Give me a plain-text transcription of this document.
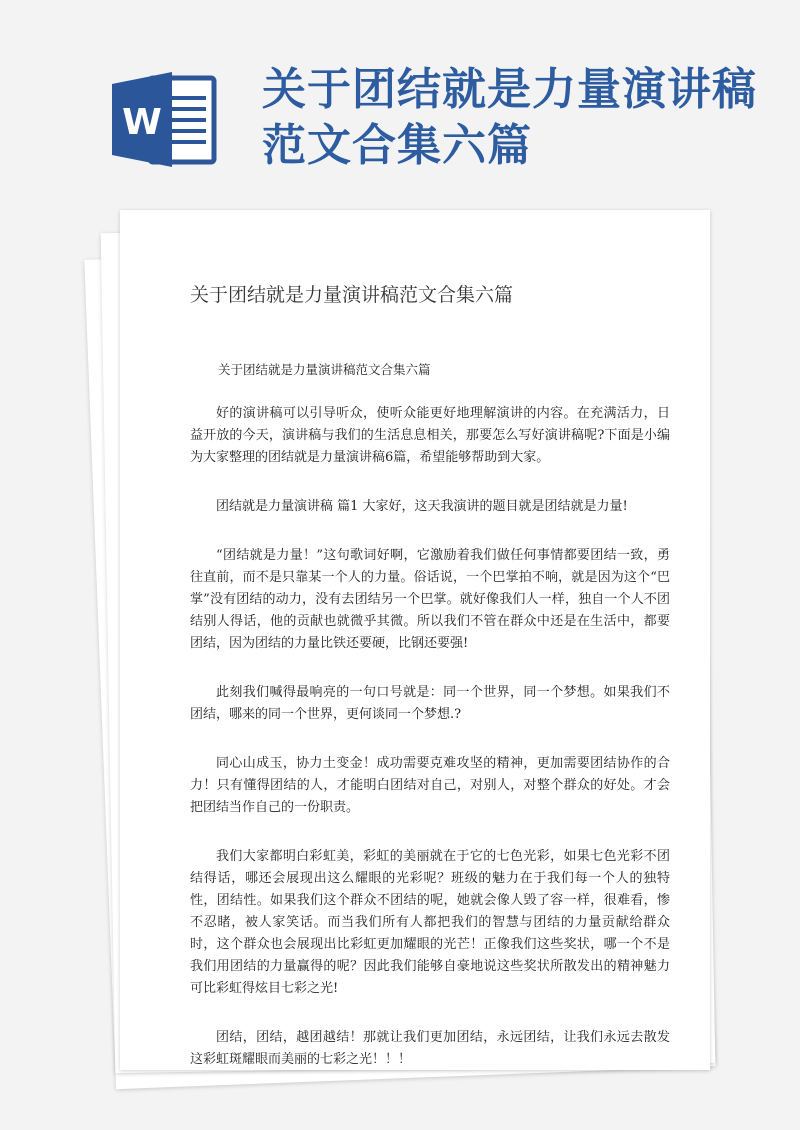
W
关于团结就是力量演讲稿范文合集六篇
关于团结就是力量演讲稿范文合集六篇

关于团结就是力量演讲稿范文合集六篇

好的演讲稿可以引导听众，使听众能更好地理解演讲的内容。在充满活力，日益开放的今天，演讲稿与我们的生活息息相关，那要怎么写好演讲稿呢?下面是小编为大家整理的团结就是力量演讲稿6篇，希望能够帮助到大家。

团结就是力量演讲稿 篇1 大家好，这天我演讲的题目就是团结就是力量!

“团结就是力量！”这句歌词好啊，它激励着我们做任何事情都要团结一致，勇往直前，而不是只靠某一个人的力量。俗话说，一个巴掌拍不响，就是因为这个“巴掌”没有团结的动力，没有去团结另一个巴掌。就好像我们人一样，独自一个人不团结别人得话，他的贡献也就微乎其微。所以我们不管在群众中还是在生活中，都要团结，因为团结的力量比铁还要硬，比钢还要强!

此刻我们喊得最响亮的一句口号就是：同一个世界，同一个梦想。如果我们不团结，哪来的同一个世界，更何谈同一个梦想.?

同心山成玉，协力土变金！成功需要克难攻坚的精神，更加需要团结协作的合力！只有懂得团结的人，才能明白团结对自己，对别人，对整个群众的好处。才会把团结当作自己的一份职责。

我们大家都明白彩虹美，彩虹的美丽就在于它的七色光彩，如果七色光彩不团结得话，哪还会展现出这么耀眼的光彩呢？班级的魅力在于我们每一个人的独特性，团结性。如果我们这个群众不团结的呢，她就会像人毁了容一样，很难看，惨不忍睹，被人家笑话。而当我们所有人都把我们的智慧与团结的力量贡献给群众时，这个群众也会展现出比彩虹更加耀眼的光芒！正像我们这些奖状，哪一个不是我们用团结的力量赢得的呢？因此我们能够自豪地说这些奖状所散发出的精神魅力可比彩虹得炫目七彩之光!

团结，团结，越团越结！那就让我们更加团结，永远团结，让我们永远去散发这彩虹斑耀眼而美丽的七彩之光！！！
